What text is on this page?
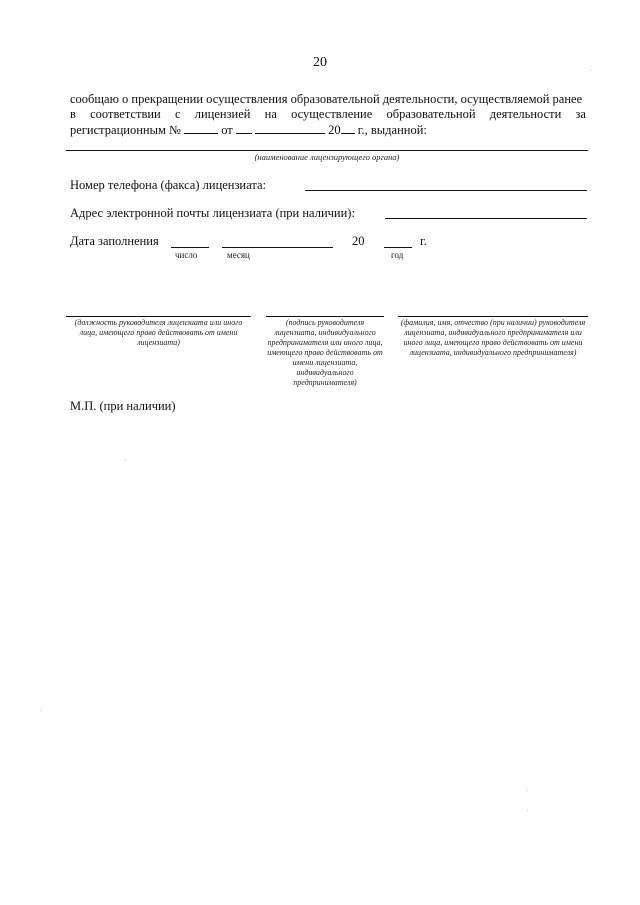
20
сообщаю о прекращении осуществления образовательной деятельности, осуществляемой ранее
в соответствии с лицензией на осуществление образовательной деятельности за
регистрационным №	от	20 г., выданной:
(наименование лицензирующего органа)
Номер телефона (факса) лицензиата:
Адрес электронной почты лицензиата (при наличии):
Дата заполнения	20	г.
число	месяц	год
(должность руководителя лицензиата или иного лица, имеющего право действовать от имени лицензиата)
(подпись руководителя лицензиата, индивидуального предпринимателя или иного лица, имеющего право действовать от имени лицензиата, индивидуального предпринимателя)
(фамилия, имя, отчество (при наличии) руководителя лицензиата, индивидуального предпринимателя или иного лица, имеющего право действовать от имени лицензиата, индивидуального предпринимателя)
М.П. (при наличии)
